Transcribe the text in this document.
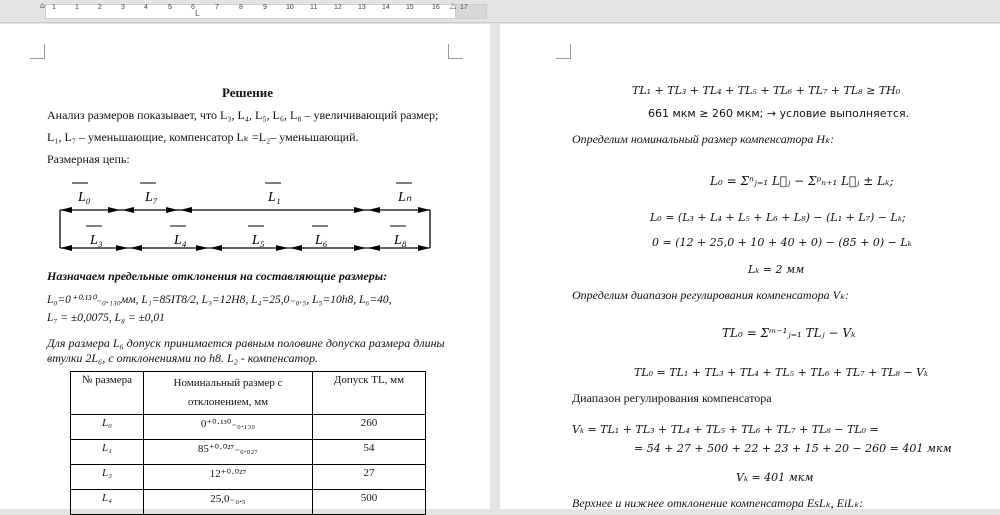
⌂
L
△
1	1	2	3	4	5	6	7	8	9	10 11 12 13 14 15	16	17
Решение
Анализ размеров показывает, что L₃, L₄, L₅, L₆, L₈ – увеличивающий размер;
L₁, L₇ – уменьшающие, компенсатор Lₖ =L₂– уменьшающий.
Размерная цепь:
L₀	L₇	L₁	Lₙ
L₃	L₄	L₅	L₆	L₈
Назначаем предельные отклонения на составляющие размеры:
L₀=0⁺⁰·¹³⁰₋₀.₁₃₀мм, L₁=85IT8/2, L₃=12H8, L₄=25,0₋₀.₅, L₅=10h8, L₆=40,
L₇ = ±0,0075, L₈ = ±0,01
Для размера L₆ допуск принимается равным половине допуска размера длины
втулки 2L₆, с отклонениями по h8. L₂ - компенсатор.
№ размера	Номинальный размер с отклонением, мм	Допуск TL, мм
L₀	0⁺⁰·¹³⁰₋₀.₁₃₀	260
L₁	85⁺⁰·⁰²⁷₋₀.₀₂₇	54
L₃	12⁺⁰·⁰²⁷	27
L₄	25,0₋₀.₅	500
TL₁ + TL₃ + TL₄ + TL₅ + TL₆ + TL₇ + TL₈ ≥ TH₀
661 мкм ≥ 260 мкм; → условие выполняется.
Определим номинальный размер компенсатора Hₖ:
L₀ = Σⁿⱼ₌₁ L⃗ⱼ − Σᵖₙ₊₁ L⃖ⱼ ± Lₖ;
L₀ = (L₃ + L₄ + L₅ + L₆ + L₈) − (L₁ + L₇) − Lₖ;
0 = (12 + 25,0 + 10 + 40 + 0) − (85 + 0) − Lₖ
Lₖ = 2 мм
Определим диапазон регулирования компенсатора Vₖ:
TL₀ = Σᵐ⁻¹ⱼ₌₁ TLⱼ − Vₖ
TL₀ = TL₁ + TL₃ + TL₄ + TL₅ + TL₆ + TL₇ + TL₈ − Vₖ
Диапазон регулирования компенсатора
Vₖ = TL₁ + TL₃ + TL₄ + TL₅ + TL₆ + TL₇ + TL₈ − TL₀ =
= 54 + 27 + 500 + 22 + 23 + 15 + 20 − 260 = 401 мкм
Vₖ = 401 мкм
Верхнее и нижнее отклонение компенсатора EsLₖ, EiLₖ:
